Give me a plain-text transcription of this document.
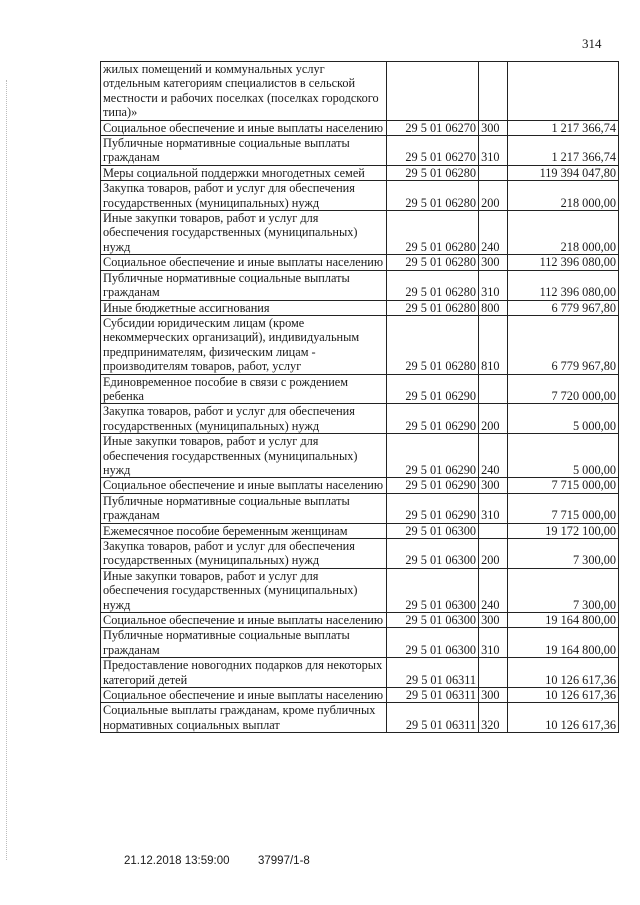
314
жилых помещений и коммунальных услуг отдельным категориям специалистов в сельской местности и рабочих поселках (поселках городского типа)»			
Социальное обеспечение и иные выплаты населению	29 5 01 06270	300	1 217 366,74
Публичные нормативные социальные выплаты гражданам	29 5 01 06270	310	1 217 366,74
Меры социальной поддержки многодетных семей	29 5 01 06280		119 394 047,80
Закупка товаров, работ и услуг для обеспечения государственных (муниципальных) нужд	29 5 01 06280	200	218 000,00
Иные закупки товаров, работ и услуг для обеспечения государственных (муниципальных) нужд	29 5 01 06280	240	218 000,00
Социальное обеспечение и иные выплаты населению	29 5 01 06280	300	112 396 080,00
Публичные нормативные социальные выплаты гражданам	29 5 01 06280	310	112 396 080,00
Иные бюджетные ассигнования	29 5 01 06280	800	6 779 967,80
Субсидии юридическим лицам (кроме некоммерческих организаций), индивидуальным предпринимателям, физическим лицам - производителям товаров, работ, услуг	29 5 01 06280	810	6 779 967,80
Единовременное пособие в связи с рождением ребенка	29 5 01 06290		7 720 000,00
Закупка товаров, работ и услуг для обеспечения государственных (муниципальных) нужд	29 5 01 06290	200	5 000,00
Иные закупки товаров, работ и услуг для обеспечения государственных (муниципальных) нужд	29 5 01 06290	240	5 000,00
Социальное обеспечение и иные выплаты населению	29 5 01 06290	300	7 715 000,00
Публичные нормативные социальные выплаты гражданам	29 5 01 06290	310	7 715 000,00
Ежемесячное пособие беременным женщинам	29 5 01 06300		19 172 100,00
Закупка товаров, работ и услуг для обеспечения государственных (муниципальных) нужд	29 5 01 06300	200	7 300,00
Иные закупки товаров, работ и услуг для обеспечения государственных (муниципальных) нужд	29 5 01 06300	240	7 300,00
Социальное обеспечение и иные выплаты населению	29 5 01 06300	300	19 164 800,00
Публичные нормативные социальные выплаты гражданам	29 5 01 06300	310	19 164 800,00
Предоставление новогодних подарков для некоторых категорий детей	29 5 01 06311		10 126 617,36
Социальное обеспечение и иные выплаты населению	29 5 01 06311	300	10 126 617,36
Социальные выплаты гражданам, кроме публичных нормативных социальных выплат	29 5 01 06311	320	10 126 617,36
21.12.2018 13:59:00 37997/1-8
